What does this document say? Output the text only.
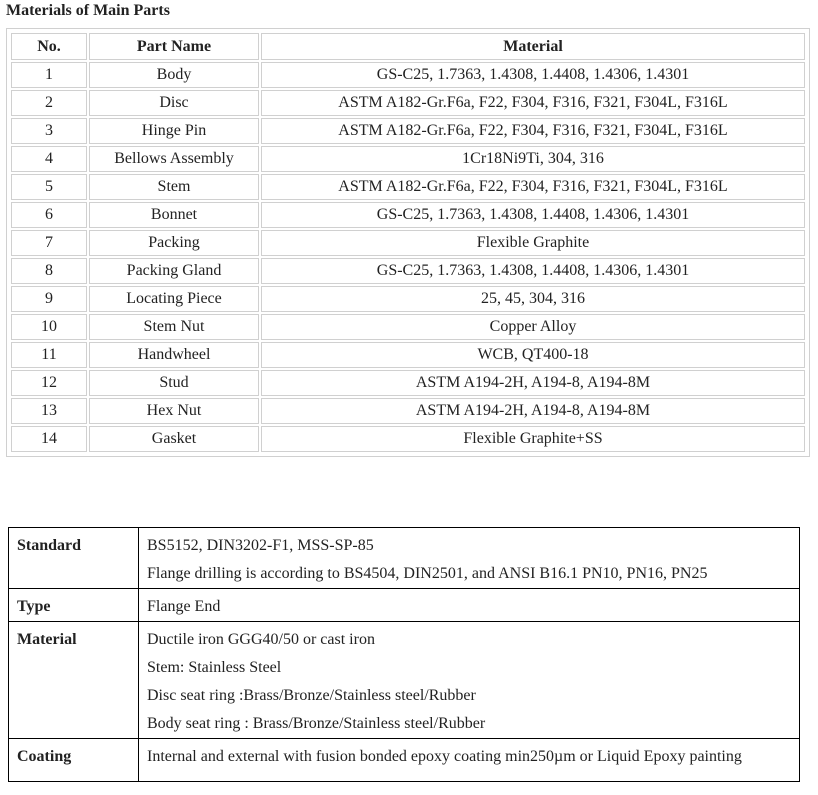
Materials of Main Parts
No.	Part Name	Material
1	Body	GS-C25, 1.7363, 1.4308, 1.4408, 1.4306, 1.4301
2	Disc	ASTM A182-Gr.F6a, F22, F304, F316, F321, F304L, F316L
3	Hinge Pin	ASTM A182-Gr.F6a, F22, F304, F316, F321, F304L, F316L
4	Bellows Assembly	1Cr18Ni9Ti, 304, 316
5	Stem	ASTM A182-Gr.F6a, F22, F304, F316, F321, F304L, F316L
6	Bonnet	GS-C25, 1.7363, 1.4308, 1.4408, 1.4306, 1.4301
7	Packing	Flexible Graphite
8	Packing Gland	GS-C25, 1.7363, 1.4308, 1.4408, 1.4306, 1.4301
9	Locating Piece	25, 45, 304, 316
10	Stem Nut	Copper Alloy
11	Handwheel	WCB, QT400-18
12	Stud	ASTM A194-2H, A194-8, A194-8M
13	Hex Nut	ASTM A194-2H, A194-8, A194-8M
14	Gasket	Flexible Graphite+SS
Standard	BS5152, DIN3202-F1, MSS-SP-85
Flange drilling is according to BS4504, DIN2501, and ANSI B16.1 PN10, PN16, PN25

Type	Flange End

Material	Ductile iron GGG40/50 or cast iron
Stem: Stainless Steel
Disc seat ring :Brass/Bronze/Stainless steel/Rubber
Body seat ring : Brass/Bronze/Stainless steel/Rubber

Coating	Internal and external with fusion bonded epoxy coating min250µm or Liquid Epoxy painting
